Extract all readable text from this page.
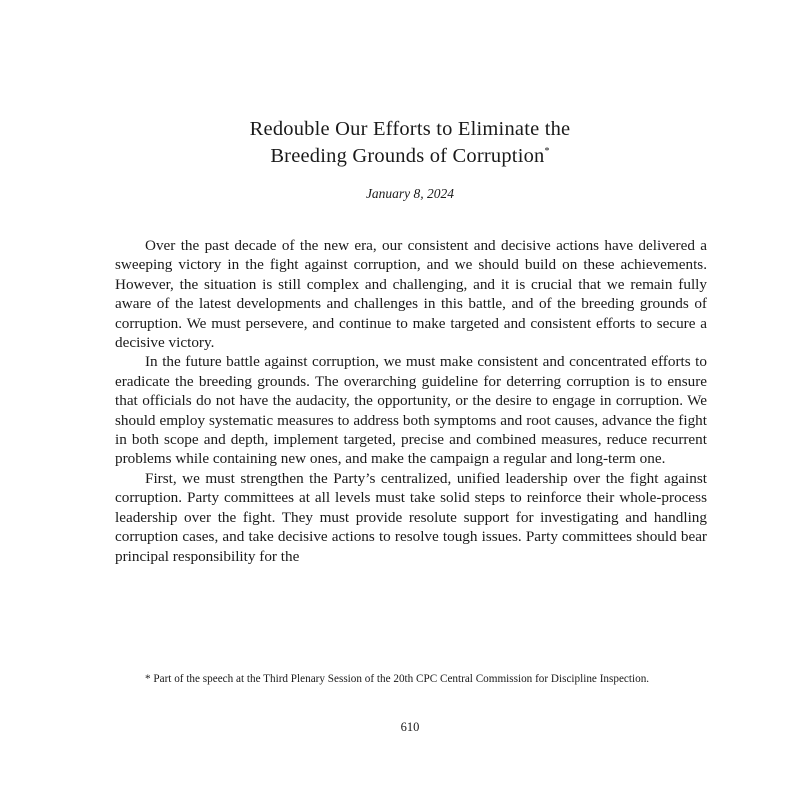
Redouble Our Efforts to Eliminate the
Breeding Grounds of Corruption*
January 8, 2024

Over the past decade of the new era, our consistent and decisive actions have delivered a sweeping victory in the fight against corruption, and we should build on these achievements. However, the situation is still complex and challenging, and it is crucial that we remain fully aware of the latest developments and challenges in this battle, and of the breeding grounds of corruption. We must persevere, and continue to make targeted and consistent efforts to secure a decisive victory.

In the future battle against corruption, we must make consistent and concentrated efforts to eradicate the breeding grounds. The overarching guideline for deterring corruption is to ensure that officials do not have the audacity, the opportunity, or the desire to engage in corruption. We should employ systematic measures to address both symptoms and root causes, advance the fight in both scope and depth, implement targeted, precise and combined measures, reduce recurrent problems while containing new ones, and make the campaign a regular and long-term one.

First, we must strengthen the Party’s centralized, unified leadership over the fight against corruption. Party committees at all levels must take solid steps to reinforce their whole-process leadership over the fight. They must provide resolute support for investigating and handling corruption cases, and take decisive actions to resolve tough issues. Party committees should bear principal responsibility for the

* Part of the speech at the Third Plenary Session of the 20th CPC Central Commission for Discipline Inspection.

610
